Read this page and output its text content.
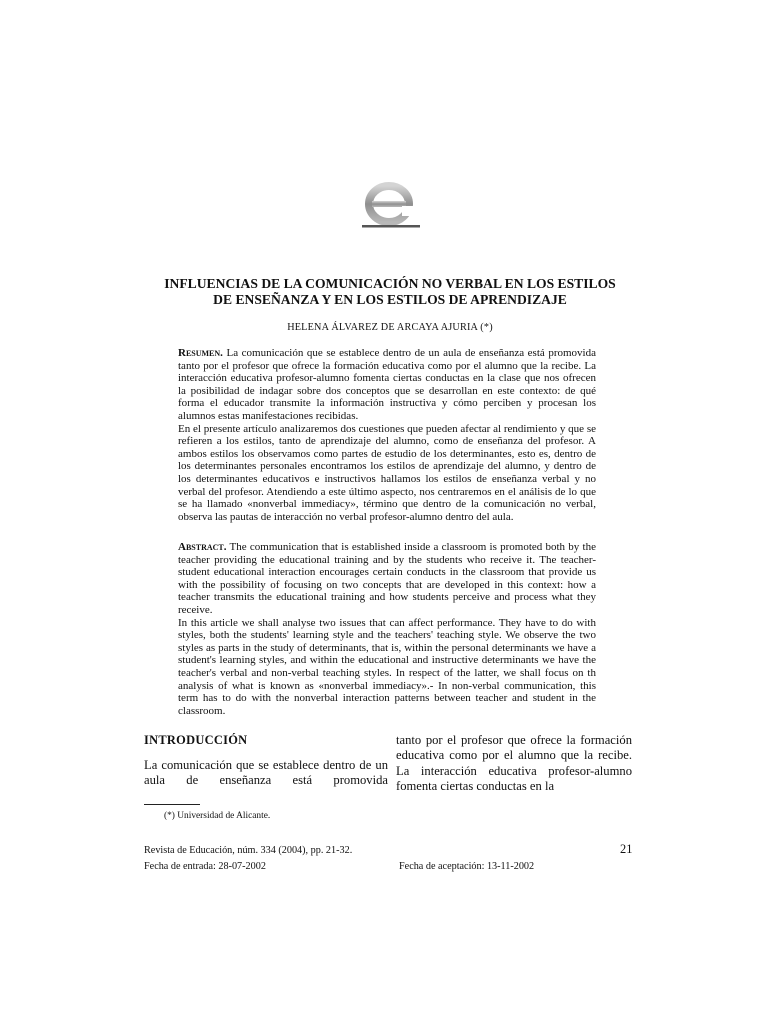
INFLUENCIAS DE LA COMUNICACIÓN NO VERBAL EN LOS ESTILOS
DE ENSEÑANZA Y EN LOS ESTILOS DE APRENDIZAJE

HELENA ÁLVAREZ DE ARCAYA AJURIA (*)

Resumen. La comunicación que se establece dentro de un aula de enseñanza está promovida tanto por el profesor que ofrece la formación educativa como por el alumno que la recibe. La interacción educativa profesor-alumno fomenta ciertas conductas en la clase que nos ofrecen la posibilidad de indagar sobre dos conceptos que se desarrollan en este contexto: de qué forma el educador transmite la información instructiva y cómo perciben y procesan los alumnos estas manifestaciones recibidas.

En el presente artículo analizaremos dos cuestiones que pueden afectar al rendimiento y que se refieren a los estilos, tanto de aprendizaje del alumno, como de enseñanza del profesor. A ambos estilos los observamos como partes de estudio de los determinantes, esto es, dentro de los determinantes personales encontramos los estilos de aprendizaje del alumno, y dentro de los determinantes educativos e instructivos hallamos los estilos de enseñanza verbal y no verbal del profesor. Atendiendo a este último aspecto, nos centraremos en el análisis de lo que se ha llamado «nonverbal immediacy», término que dentro de la comunicación no verbal, observa las pautas de interacción no verbal profesor-alumno dentro del aula.

Abstract. The communication that is established inside a classroom is promoted both by the teacher providing the educational training and by the students who receive it. The teacher-student educational interaction encourages certain conducts in the classroom that provide us with the possibility of focusing on two concepts that are developed in this context: how a teacher transmits the educational training and how students perceive and process what they receive.

In this article we shall analyse two issues that can affect performance. They have to do with styles, both the students' learning style and the teachers' teaching style. We observe the two styles as parts in the study of determinants, that is, within the personal determinants we have a student's learning styles, and within the educational and instructive determinants we have the teacher's verbal and non-verbal teaching styles. In respect of the latter, we shall focus on th analysis of what is known as «nonverbal immediacy».- In non-verbal communication, this term has to do with the nonverbal interaction patterns between teacher and student in the classroom.

INTRODUCCIÓN

La comunicación que se establece dentro de un aula de enseñanza está promovida

tanto por el profesor que ofrece la formación educativa como por el alumno que la recibe. La interacción educativa profesor-alumno fomenta ciertas conductas en la

(*) Universidad de Alicante.

Revista de Educación, núm. 334 (2004), pp. 21-32.

Fecha de entrada: 28-07-2002	Fecha de aceptación: 13-11-2002

21
